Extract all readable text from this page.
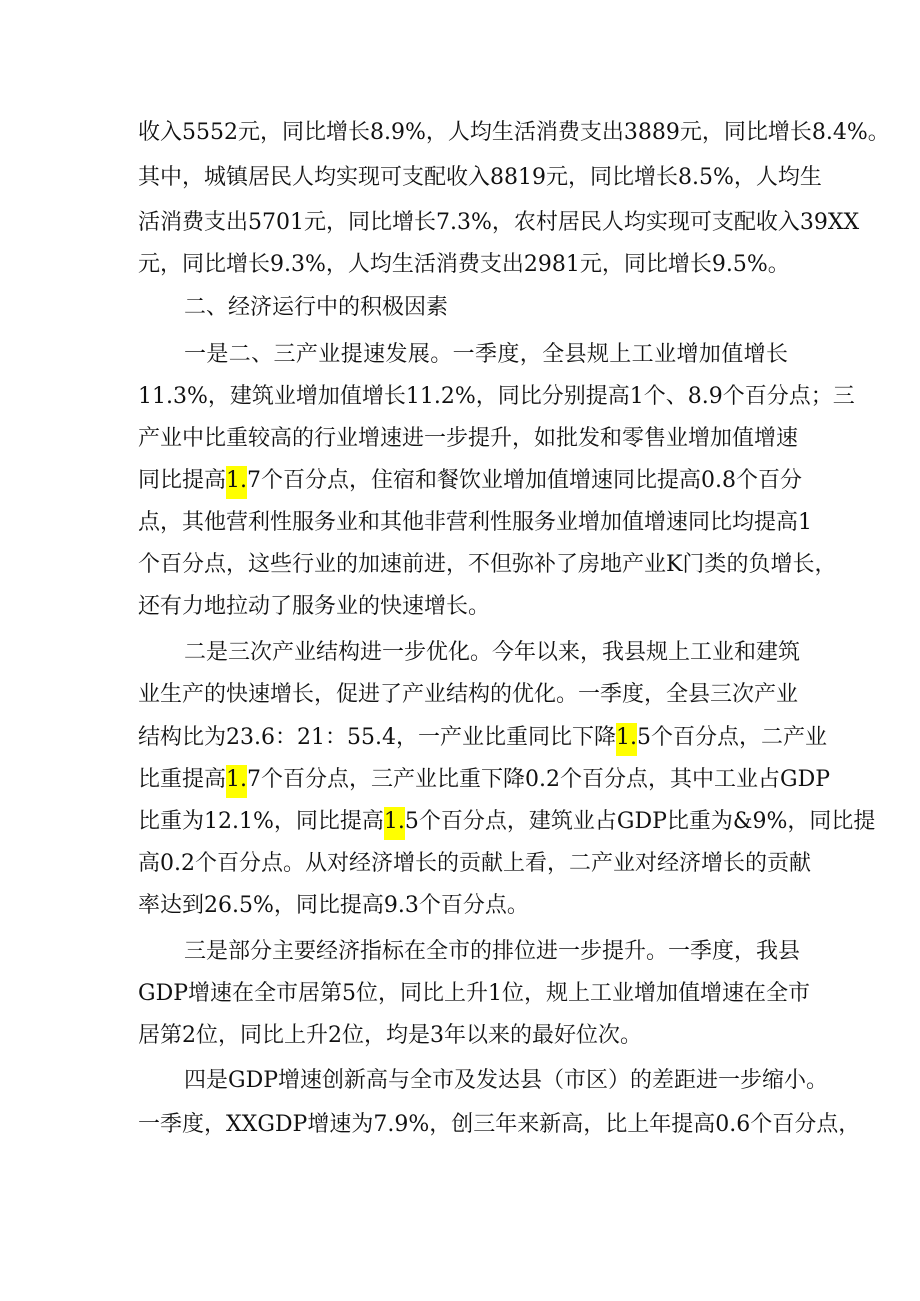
收入5552元，同比增长8.9%，人均生活消费支出3889元，同比增长8.4%。
其中，城镇居民人均实现可支配收入8819元，同比增长8.5%，人均生
活消费支出5701元，同比增长7.3%，农村居民人均实现可支配收入39XX
元，同比增长9.3%，人均生活消费支出2981元，同比增长9.5%。
二、经济运行中的积极因素
一是二、三产业提速发展。一季度，全县规上工业增加值增长
11.3%，建筑业增加值增长11.2%，同比分别提高1个、8.9个百分点；三
产业中比重较高的行业增速进一步提升，如批发和零售业增加值增速
同比提高1.7个百分点，住宿和餐饮业增加值增速同比提高0.8个百分
点，其他营利性服务业和其他非营利性服务业增加值增速同比均提高1
个百分点，这些行业的加速前进，不但弥补了房地产业K门类的负增长，
还有力地拉动了服务业的快速增长。
二是三次产业结构进一步优化。今年以来，我县规上工业和建筑
业生产的快速增长，促进了产业结构的优化。一季度，全县三次产业
结构比为23.6：21：55.4，一产业比重同比下降1.5个百分点，二产业
比重提高1.7个百分点，三产业比重下降0.2个百分点，其中工业占GDP
比重为12.1%，同比提高1.5个百分点，建筑业占GDP比重为&9%，同比提
高0.2个百分点。从对经济增长的贡献上看，二产业对经济增长的贡献
率达到26.5%，同比提高9.3个百分点。
三是部分主要经济指标在全市的排位进一步提升。一季度，我县
GDP增速在全市居第5位，同比上升1位，规上工业增加值增速在全市
居第2位，同比上升2位，均是3年以来的最好位次。
四是GDP增速创新高与全市及发达县（市区）的差距进一步缩小。
一季度，XXGDP增速为7.9%，创三年来新高，比上年提高0.6个百分点，
